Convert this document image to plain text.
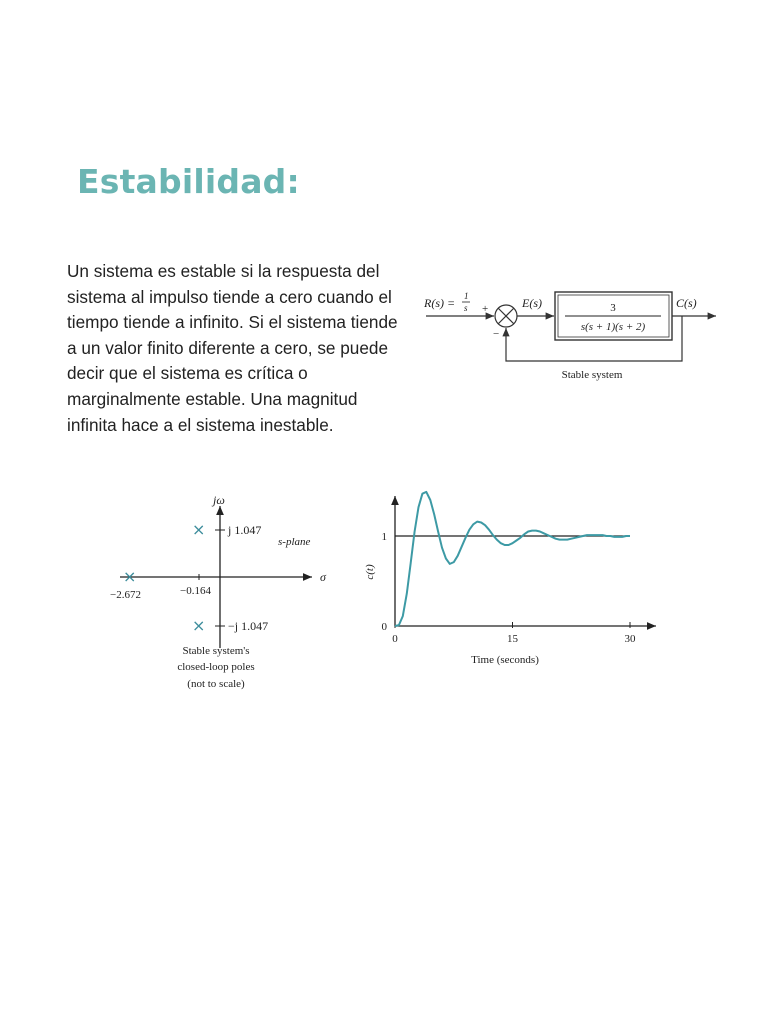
Estabilidad:

Un sistema es estable si la respuesta del sistema al impulso tiende a cero cuando el tiempo tiende a infinito. Si el sistema tiende a un valor finito diferente a cero, se puede decir que el sistema es crítica o marginalmente estable. Una magnitud infinita hace a el sistema inestable.

R(s) = 1
s +
−
E(s)	3
s(s + 1)(s + 2)
C(s)
Stable system
jω
σ
s-plane
j 1.047
−j 1.047
−2.672	−0.164
×
×
×
Stable system's
closed-loop poles
(not to scale)
c(t)
Time (seconds)
0	15	30
0
1
